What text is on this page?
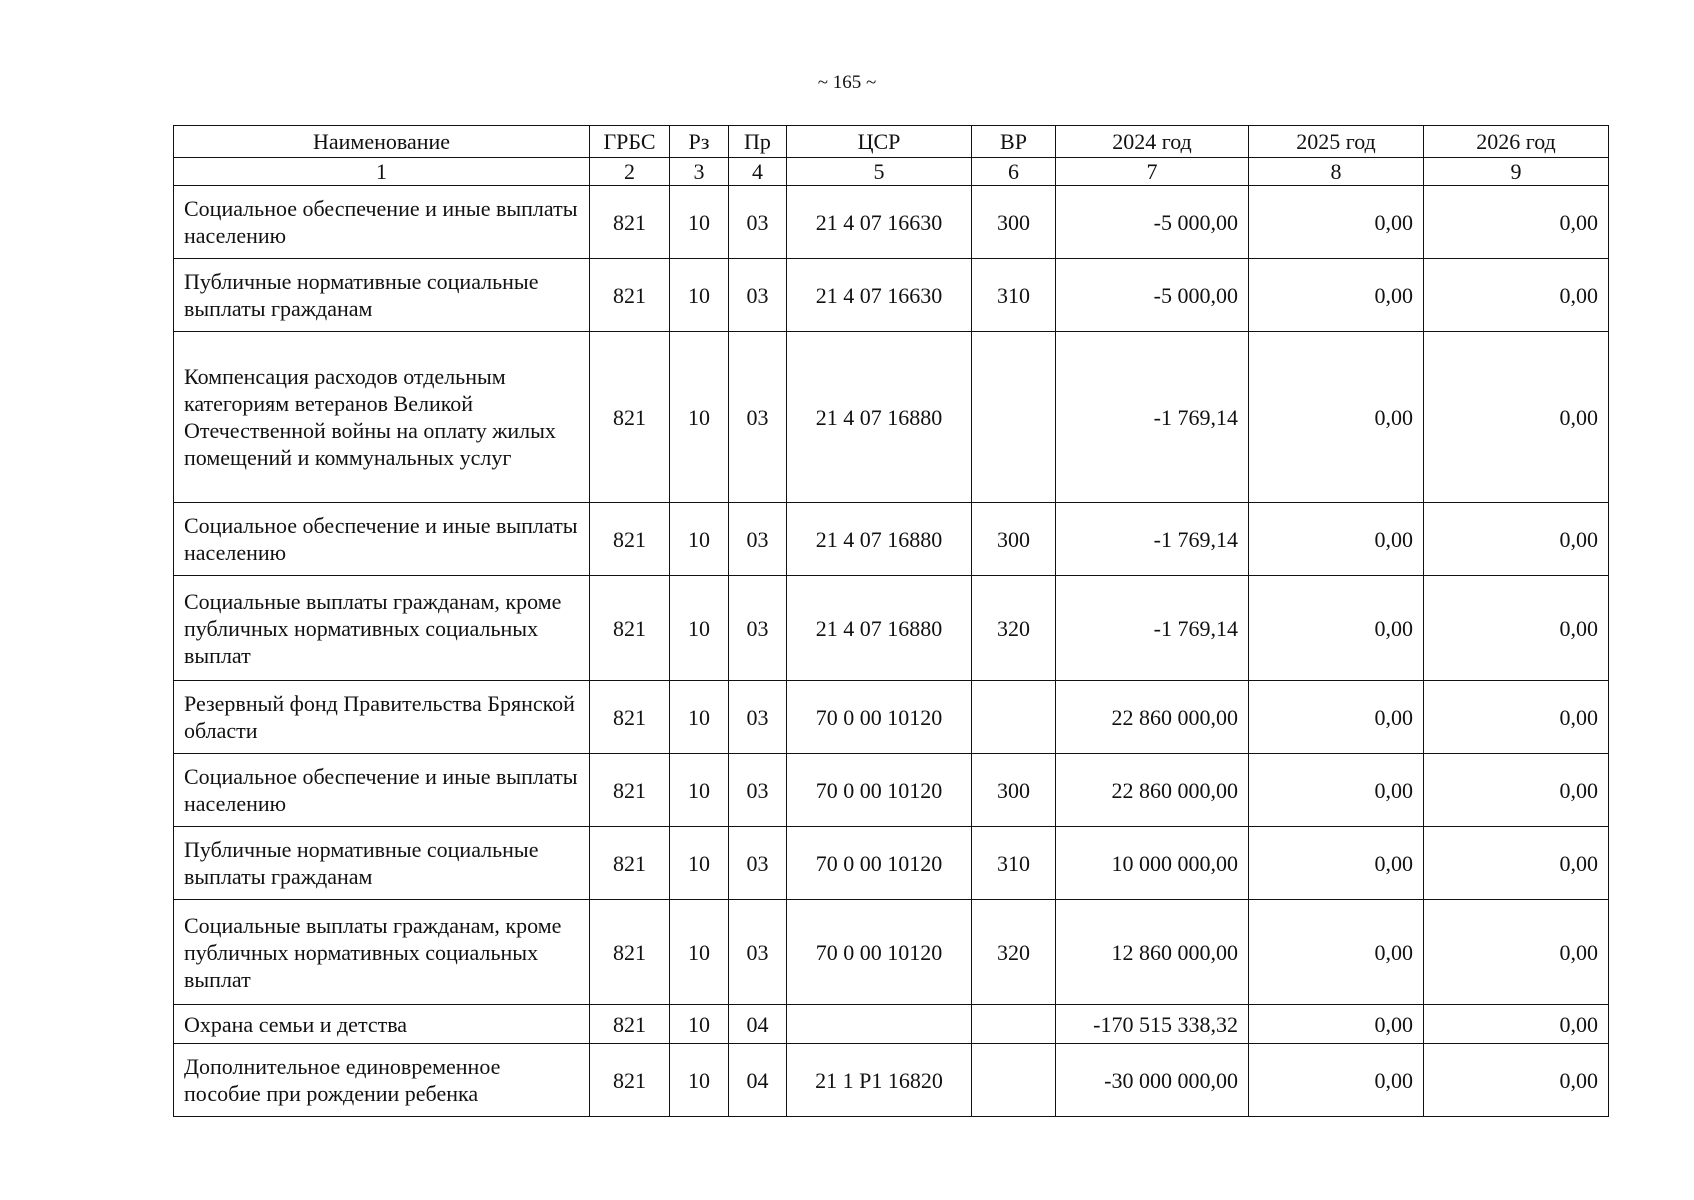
~ 165 ~
Наименование	ГРБС	Рз	Пр	ЦСР	ВР	2024 год	2025 год	2026 год
1	2	3	4	5	6	7	8	9
Социальное обеспечение и иные выплаты населению	821	10	03	21 4 07 16630	300	-5 000,00	0,00	0,00
Публичные нормативные социальные выплаты гражданам	821	10	03	21 4 07 16630	310	-5 000,00	0,00	0,00
Компенсация расходов отдельным категориям ветеранов Великой Отечественной войны на оплату жилых помещений и коммунальных услуг	821	10	03	21 4 07 16880		-1 769,14	0,00	0,00
Социальное обеспечение и иные выплаты населению	821	10	03	21 4 07 16880	300	-1 769,14	0,00	0,00
Социальные выплаты гражданам, кроме публичных нормативных социальных выплат	821	10	03	21 4 07 16880	320	-1 769,14	0,00	0,00
Резервный фонд Правительства Брянской области	821	10	03	70 0 00 10120		22 860 000,00	0,00	0,00
Социальное обеспечение и иные выплаты населению	821	10	03	70 0 00 10120	300	22 860 000,00	0,00	0,00
Публичные нормативные социальные выплаты гражданам	821	10	03	70 0 00 10120	310	10 000 000,00	0,00	0,00
Социальные выплаты гражданам, кроме публичных нормативных социальных выплат	821	10	03	70 0 00 10120	320	12 860 000,00	0,00	0,00
Охрана семьи и детства	821	10	04			-170 515 338,32	0,00	0,00
Дополнительное единовременное пособие при рождении ребенка	821	10	04	21 1 Р1 16820		-30 000 000,00	0,00	0,00
